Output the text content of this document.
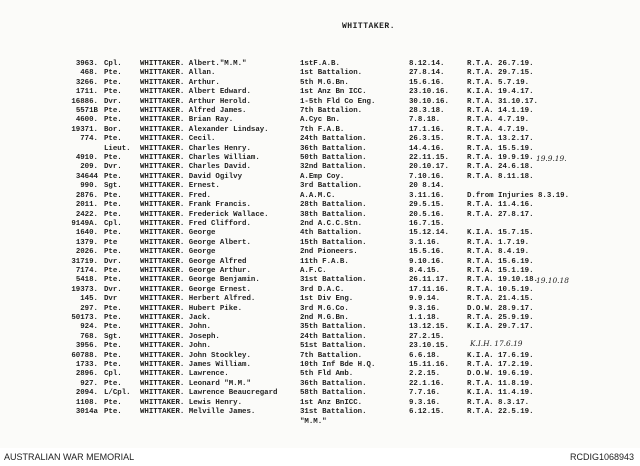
WHITTAKER.
3963. Cpl. WHITTAKER. Albert."M.M."	1stF.A.B.	8.12.14.	R.T.A. 26.7.19.
468. Pte. WHITTAKER. Allan.	1st Battalion.	27.8.14.	R.T.A. 29.7.15.
3266. Pte. WHITTAKER. Arthur.	5th M.G.Bn.	15.6.16.	R.T.A. 5.7.19.
1711. Pte. WHITTAKER. Albert Edward.	1st Anz Bn ICC.	23.10.16. K.I.A. 19.4.17.
16886. Dvr. WHITTAKER. Arthur Herold.	1-5th Fld Co Eng.	30.10.16. R.T.A. 31.10.17.
5571B Pte. WHITTAKER. Alfred James.	7th Battalion.	28.3.18.	R.T.A. 14.1.19.
4600. Pte. WHITTAKER. Brian Ray.	A.Cyc Bn.	7.8.18.	R.T.A. 4.7.19.
19371. Bor. WHITTAKER. Alexander Lindsay.	7th F.A.B.	17.1.16.	R.T.A. 4.7.19.
774. Pte. WHITTAKER. Cecil.	24th Battalion.	26.3.15.	R.T.A. 13.2.17.
Lieut. WHITTAKER. Charles Henry.	36th Battalion.	14.4.16.	R.T.A. 15.5.19.
4910. Pte. WHITTAKER. Charles William.	50th Battalion.	22.11.15. R.T.A. 19.9.19. 19.9.19.
209. Dvr. WHITTAKER. Charles David.	32nd Battalion.	20.10.17. R.T.A. 24.6.18.
34644 Pte. WHITTAKER. David Ogilvy	A.Emp Coy.	7.10.16.	R.T.A. 8.11.18.
990. Sgt. WHITTAKER. Ernest.	3rd Battalion.	20 8.14.
2876. Pte. WHITTAKER. Fred.	A.A.M.C.	3.11.16.	D.from Injuries 8.3.19.
2011. Pte. WHITTAKER. Frank Francis.	28th Battalion.	29.5.15.	R.T.A. 11.4.16.
2422. Pte. WHITTAKER. Frederick Wallace.	38th Battalion.	20.5.16.	R.T.A. 27.8.17.
9149A. Cpl. WHITTAKER. Fred Clifford.	2nd A.C.C.Stn.	16.7.15.
1640. Pte. WHITTAKER. George	4th Battalion.	15.12.14. K.I.A. 15.7.15.
1379. Pte	WHITTAKER. George Albert.	15th Battalion.	3.1.16.	R.T.A. 1.7.19.
2026. Pte. WHITTAKER. George	2nd Pioneers.	15.5.16.	R.T.A. 8.4.19.
31719. Dvr. WHITTAKER. George Alfred	11th F.A.B.	9.10.16.	R.T.A. 15.6.19.
7174. Pte. WHITTAKER. George Arthur.	A.F.C.	8.4.15.	R.T.A. 15.1.19.
5418. Pte. WHITTAKER. George Benjamin.	31st Battalion.	26.11.17. R.T.A. 19.10.18.
19.10.18
19373. Dvr. WHITTAKER. George Ernest.	3rd D.A.C.	17.11.16. R.T.A. 10.5.19.
145. Dvr	WHITTAKER. Herbert Alfred.	1st Div Eng.	9.9.14.	R.T.A. 21.4.15.
297. Pte. WHITTAKER. Hubert Pike.	3rd M.G.Co.	9.3.16.	D.O.W. 28.9.17.
50173. Pte. WHITTAKER. Jack.	2nd M.G.Bn.	1.1.18.	R.T.A. 25.9.19.
924. Pte. WHITTAKER. John.	35th Battalion.	13.12.15. K.I.A. 29.7.17.
768. Sgt. WHITTAKER. Joseph.	24th Battalion.	27.2.15.
3956. Pte. WHITTAKER. John.	51st Battalion.	23.10.15.	K.I.H. 17.6.19
60788. Pte. WHITTAKER. John Stockley.	7th Battalion.	6.6.18.	K.I.A. 17.6.19.
1733. Pte. WHITTAKER. James William.	10th Inf Bde H.Q.	15.11.16. R.T.A. 17.2.19.
2896. Cpl. WHITTAKER. Lawrence.	5th Fld Amb.	2.2.15.	D.O.W. 19.6.19.
927. Pte. WHITTAKER. Leonard "M.M."	36th Battalion.	22.1.16.	R.T.A. 11.8.19.
2094. L/Cpl. WHITTAKER. Lawrence Beaucregard	58th Battalion.	7.7.16.	K.I.A. 11.4.19.
1108. Pte. WHITTAKER. Lewis Henry.	1st Anz BnICC.	9.3.16.	R.T.A. 8.3.17.
3014a Pte. WHITTAKER. Melville James.	31st Battalion.	6.12.15.	R.T.A. 22.5.19.
"M.M."
AUSTRALIAN WAR MEMORIAL	RCDIG1068943
